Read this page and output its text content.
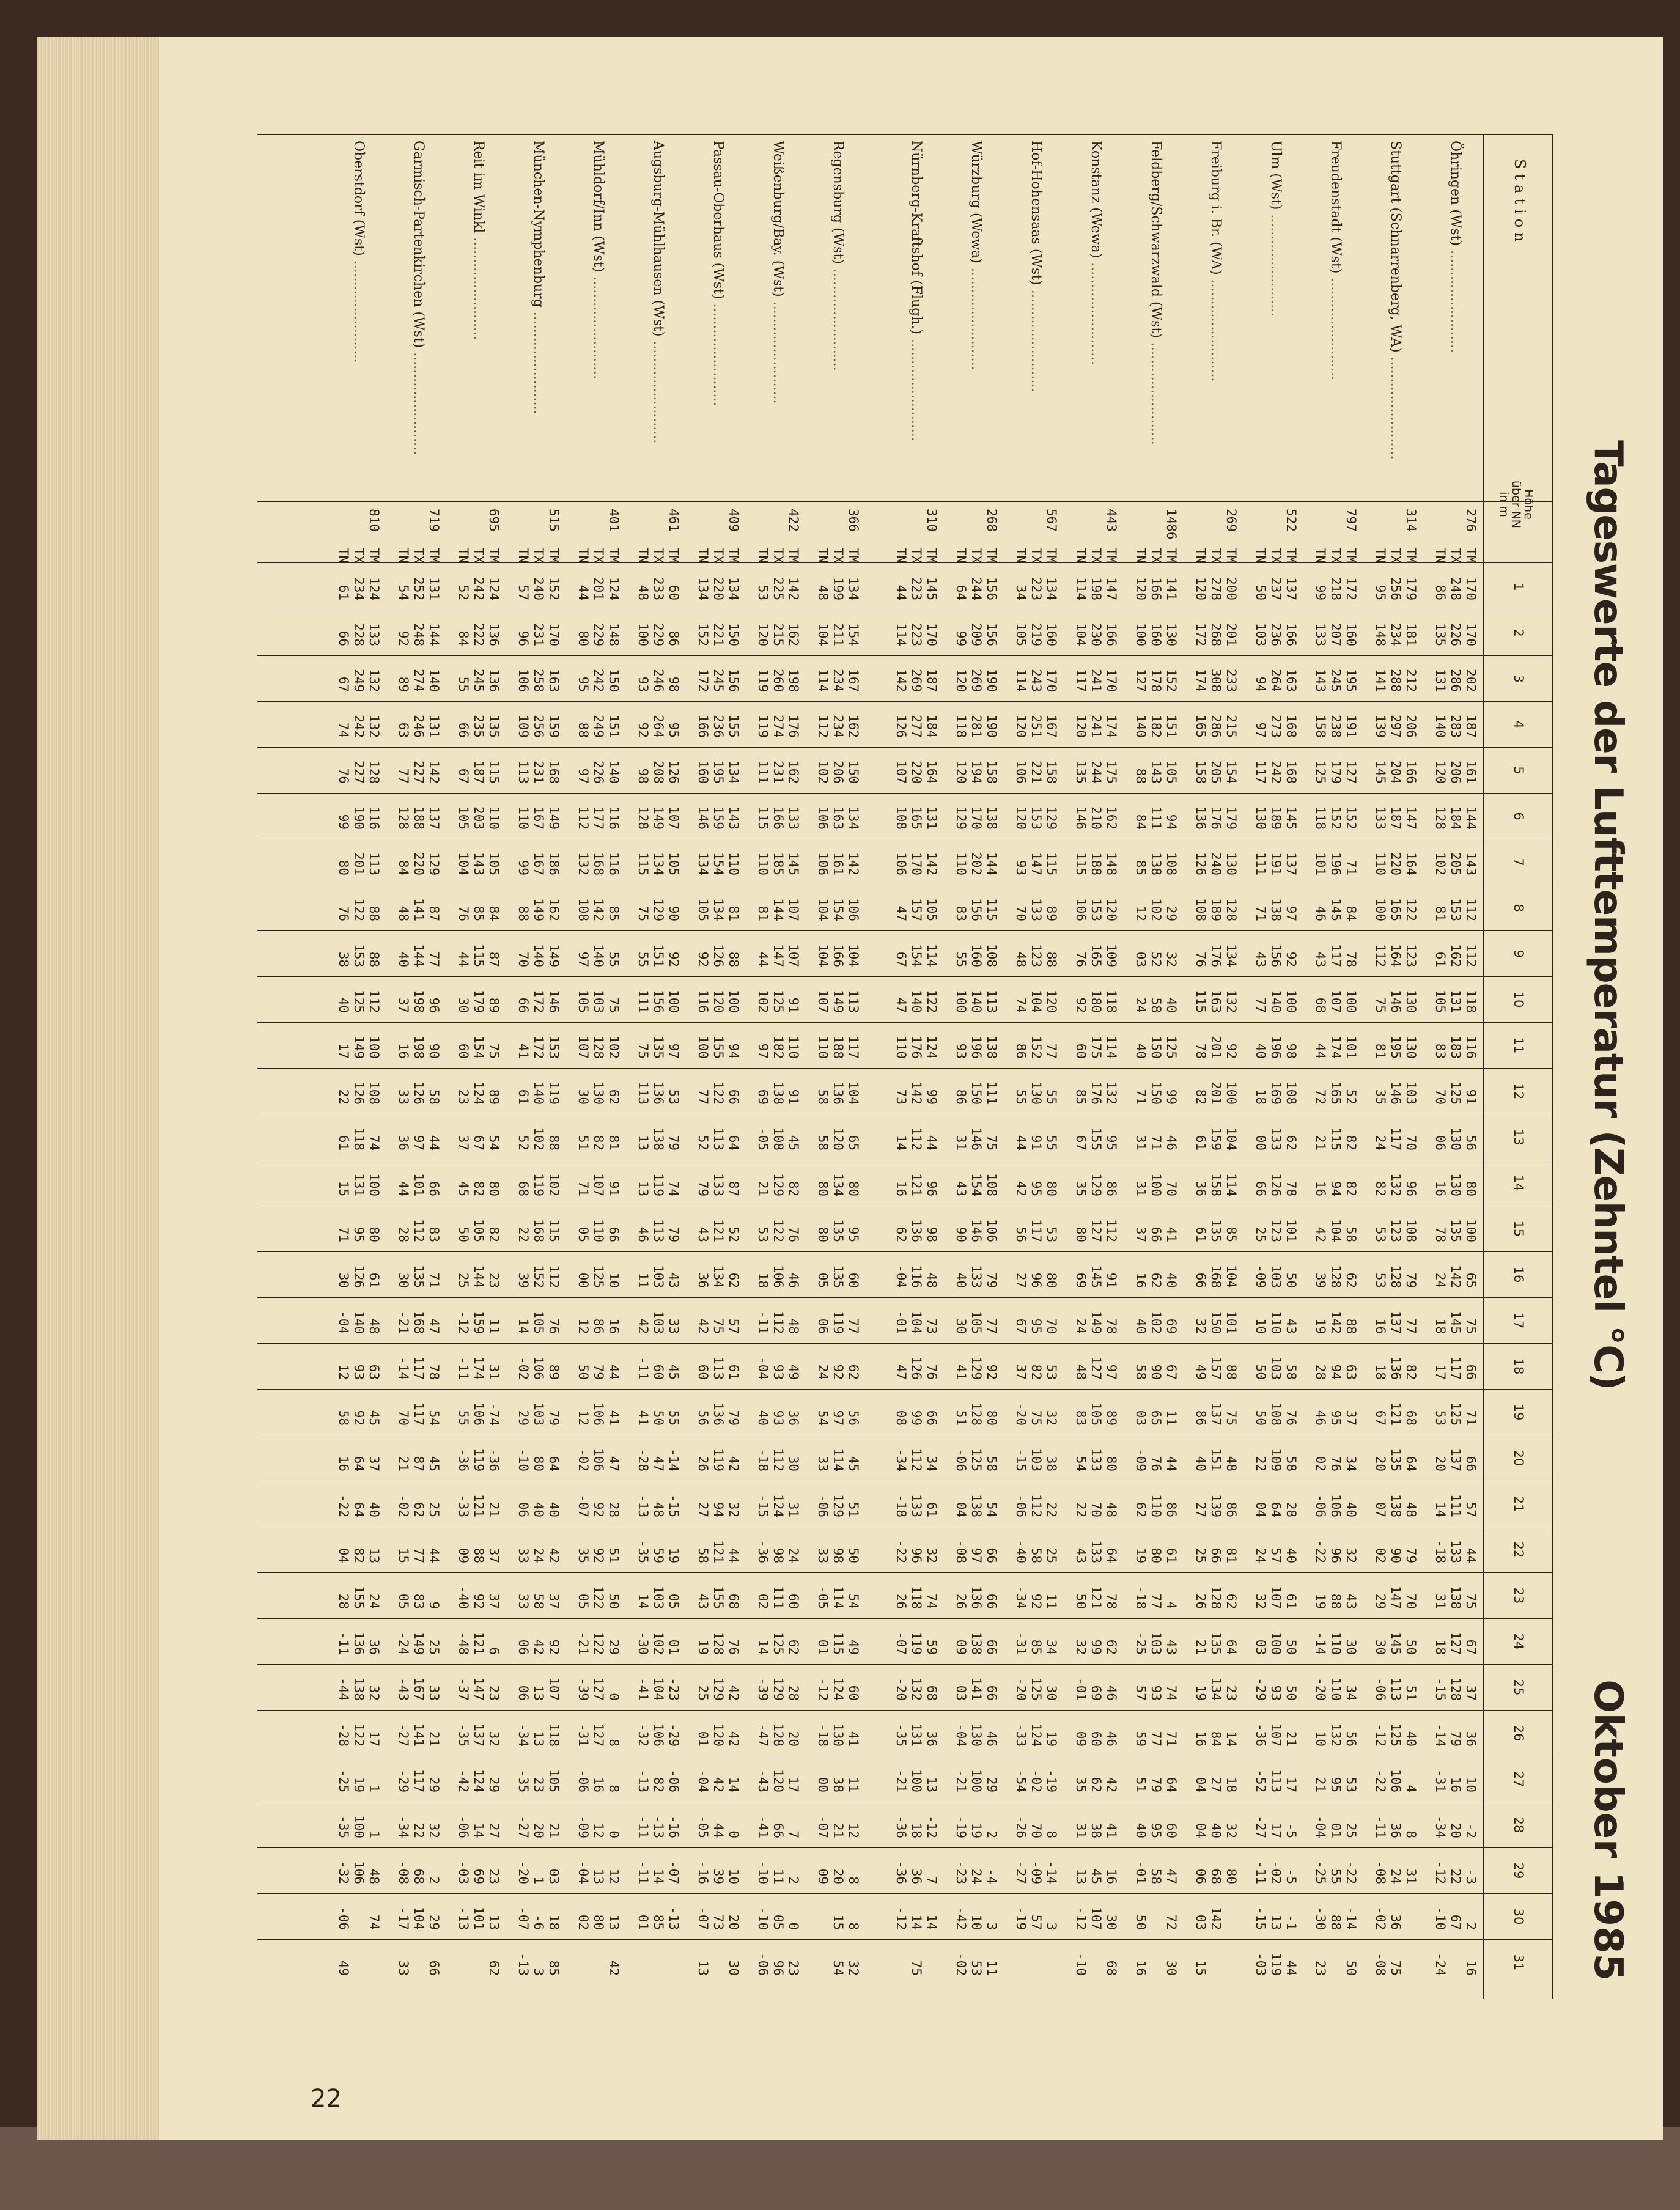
22
Tageswerte der Lufttemperatur (Zehntel °C)
Oktober 1985
Station
Höhe über NN in m
1
2
3
4
5
6
7
8
9
10
11
12
13
14
15
16
17
18
19
20
21
22
23
24
25
26
27
28
29
30
31
Öhringen (Wst) ........................
276
TM
170
170
202
187
161
144
143
112
112
118
116
91
56
80
100
65
75
66
71
66
57
44
75
67
37
36
10
-2
-3
2
16
TX
248
226
286
283
206
184
205
153
162
131
183
125
130
130
135
142
145
117
125
137
111
133
138
127
128
79
16
20
22
67
TN
86
135
131
140
120
128
102
81
61
105
83
70
06
16
78
24
18
17
53
20
14
-18
31
18
-15
-14
-31
-34
-12
-10
-24
Stuttgart (Schnarrenberg, WA) ........................
314
TM
179
181
212
206
166
147
164
122
123
130
130
103
70
96
108
79
77
82
68
64
48
79
70
50
51
40
4
8
31
TX
256
234
288
297
204
187
220
165
164
146
195
146
117
132
123
128
137
136
121
135
138
90
147
145
113
125
106
36
24
36
75
TN
95
148
141
139
145
133
110
100
112
75
81
35
24
82
53
53
16
18
67
20
07
02
29
30
-06
-12
-22
-11
-08
-02
-08
Freudenstadt (Wst) ........................
797
TM
172
160
195
191
127
152
71
84
78
100
101
52
82
82
58
62
88
63
37
34
40
32
43
30
34
56
53
25
-22
-14
50
TX
218
207
245
238
179
152
196
145
117
107
174
165
115
94
104
128
142
94
95
76
106
96
88
110
110
132
95
01
55
88
TN
99
133
143
158
125
118
101
46
43
68
44
72
21
16
42
39
19
28
46
02
-06
-22
19
-14
-20
10
21
-04
-25
-30
23
Ulm (Wst) ........................
522
TM
137
166
163
168
168
145
137
97
92
100
98
108
62
78
101
50
43
58
76
58
28
40
61
50
50
21
17
-5
-5
-1
44
TX
237
236
264
273
242
189
191
138
156
140
196
169
133
126
123
103
110
103
108
109
64
57
107
100
93
107
113
17
-02
13
119
TN
50
103
94
97
117
130
111
71
43
77
40
18
00
66
25
-09
10
50
50
22
04
24
32
03
-29
-36
-52
-27
-11
-15
-03
Freiburg i. Br. (WA) ........................
269
TM
200
201
233
215
154
179
130
128
134
132
92
100
104
114
85
104
101
88
75
48
86
81
62
64
23
14
18
32
80
TX
278
268
308
286
205
176
240
189
176
163
201
201
159
158
135
168
150
157
137
151
139
66
128
135
134
84
27
40
68
142
TN
120
172
174
165
158
136
126
108
76
115
78
82
61
36
61
66
32
49
86
40
27
25
26
21
19
16
04
04
06
03
15
Feldberg/Schwarzwald (Wst) ........................
1486
TM
141
130
152
151
105
94
108
29
32
40
125
99
46
70
41
40
69
67
11
44
86
61
4
43
74
71
64
60
47
72
30
TX
166
160
178
182
143
111
138
102
52
58
150
150
71
100
66
62
102
90
65
76
110
80
77
103
93
77
79
95
58
TN
120
100
127
140
88
84
85
12
03
24
40
71
31
31
37
16
40
58
03
-09
62
19
-18
-25
57
59
51
40
-01
50
16
Konstanz (Wewa) ........................
443
TM
147
166
170
174
175
162
148
120
109
118
114
132
95
86
112
91
78
97
89
80
48
64
78
62
46
46
42
41
16
30
68
TX
198
230
241
241
244
210
188
153
165
180
175
176
155
129
127
145
149
127
105
133
70
133
121
99
69
60
62
38
45
107
TN
114
104
117
120
135
146
115
106
76
92
60
85
67
35
80
69
24
48
83
54
22
43
50
32
-01
09
35
31
13
-12
-10
Hof-Hohensaas (Wst) ........................
567
TM
134
160
170
167
158
129
115
89
88
120
77
55
55
80
53
80
70
53
32
38
22
25
11
34
30
19
-19
8
-14
3
TX
223
219
243
251
221
153
147
133
123
104
152
130
91
95
117
96
95
82
75
103
112
58
92
85
125
124
-02
70
-09
57
TN
34
105
114
120
106
120
93
70
48
74
86
55
44
42
56
27
67
37
-20
-15
-06
-40
-34
-31
-20
-33
-54
-26
-27
-19
Würzburg (Wewa) ........................
268
TM
156
156
190
190
158
138
144
115
108
113
138
111
75
108
106
79
77
92
80
58
54
66
66
66
66
46
29
2
-4
3
11
TX
244
209
269
281
194
170
202
156
160
140
196
150
146
154
146
133
105
129
128
125
138
97
136
138
141
130
100
19
24
10
53
TN
64
99
120
118
120
129
110
83
55
100
93
86
31
43
90
40
30
41
51
-06
04
-08
26
09
03
-04
-21
-19
-23
-42
-02
Nürnberg-Kraftshof (Flugh.) ........................
310
TM
145
170
187
184
164
131
142
105
114
122
124
99
44
96
98
48
73
76
66
34
61
32
74
59
68
36
13
-12
7
14
TX
223
223
269
277
220
165
170
157
154
140
176
142
112
121
136
116
104
126
99
112
133
96
118
119
132
131
100
18
36
14
75
TN
44
114
142
126
107
108
106
47
67
47
110
73
14
16
62
-04
-01
47
08
-34
-18
-22
26
-07
-20
-35
-21
-36
-36
-12
Regensburg (Wst) ........................
366
TM
134
154
167
162
150
134
142
106
104
113
117
104
65
80
95
60
77
62
56
45
51
50
54
49
60
41
11
12
8
8
32
TX
199
211
234
234
206
163
161
154
166
149
188
136
120
134
135
135
119
92
97
114
129
98
114
115
124
130
38
21
20
15
54
TN
48
104
114
112
102
106
106
104
104
107
110
58
58
80
80
05
06
24
54
33
-06
33
-05
01
-12
-18
00
-07
09
Weißenburg/Bay. (Wst) ........................
422
TM
142
162
198
176
162
133
145
107
107
91
110
91
45
82
76
46
48
49
36
30
31
24
60
62
28
20
17
7
2
0
23
TX
225
215
260
274
231
166
185
144
147
125
182
138
108
129
122
106
112
93
93
112
124
98
111
125
129
128
120
66
11
05
96
TN
53
120
119
119
111
115
110
81
44
102
97
69
-05
21
53
18
-11
-04
40
-18
-15
-36
02
14
-39
-47
-43
-41
-10
-10
-06
Passau-Oberhaus (Wst) ........................
409
TM
134
150
156
155
134
143
110
81
88
100
94
66
64
87
52
62
57
61
79
42
32
44
68
76
42
42
14
0
10
20
30
TX
220
221
245
236
195
159
154
134
126
120
155
122
113
133
121
134
75
113
136
119
94
121
155
128
129
120
42
44
39
73
TN
134
152
172
166
160
146
134
105
92
116
100
77
52
79
43
36
42
60
56
26
27
58
43
19
25
01
-04
-05
-16
-07
13
Augsburg-Mühlhausen (Wst) ........................
461
TM
60
86
98
95
126
107
105
90
92
100
97
53
79
74
79
43
33
45
55
-14
-15
19
05
01
-23
-29
-06
-16
-07
-13
TX
233
229
246
264
208
149
134
129
151
156
135
136
138
119
113
103
103
60
50
47
48
59
103
102
104
106
82
-13
14
85
TN
48
100
93
92
98
128
115
75
55
111
75
113
13
13
46
11
42
-11
41
-28
-13
-35
14
-30
-41
-32
-13
-11
-11
01
Mühldorf/Inn (Wst) ........................
401
TM
124
148
150
151
140
116
116
85
55
75
102
62
81
91
66
10
16
44
41
47
28
51
50
29
0
8
8
0
12
13
42
TX
201
229
242
249
226
177
168
142
140
103
128
130
82
107
110
125
86
79
106
106
92
92
122
122
127
127
16
12
13
80
TN
44
80
95
88
97
112
132
108
97
105
107
30
51
71
05
00
12
50
12
-02
-07
35
05
-21
-39
-31
-06
-09
-04
02
München-Nymphenburg ........................
515
TM
152
170
163
159
168
149
186
162
149
146
153
119
88
102
115
112
76
89
79
64
40
42
37
92
107
118
105
21
03
18
85
TX
240
231
258
256
231
167
167
149
140
172
172
140
102
119
168
152
105
106
103
80
40
24
58
42
13
13
23
20
1
-6
3
TN
57
96
106
109
113
110
99
88
70
66
41
61
52
68
22
39
14
-02
29
-10
06
33
33
06
06
-34
-35
-27
-20
-07
-13
Reit im Winkl ........................
695
TM
124
136
136
135
115
110
105
84
87
89
75
89
54
80
82
23
11
31
-74
-36
21
37
37
6
23
32
29
27
23
13
62
TX
242
222
245
235
187
203
143
85
115
179
154
124
67
82
105
144
159
174
106
119
121
88
92
121
147
137
124
14
69
101
TN
52
84
55
66
67
105
104
76
44
30
60
23
37
45
50
25
-12
-11
55
-36
-33
09
-40
-48
-37
-35
-42
-06
-03
-13
Garmisch-Partenkirchen (Wst) ........................
719
TM
131
144
140
131
142
137
129
87
77
96
90
58
44
66
83
71
47
78
54
45
25
44
9
25
33
21
29
32
2
29
66
TX
252
248
274
246
227
188
220
141
144
198
198
126
97
101
112
135
168
117
117
87
62
77
83
149
167
141
117
22
68
104
TN
54
92
89
63
77
128
84
48
40
37
16
33
36
44
28
30
-21
-14
70
21
-02
15
05
-24
-43
-27
-29
-34
-08
-17
33
Oberstdorf (Wst) ........................
810
TM
124
133
132
132
128
116
113
88
88
112
100
108
74
100
80
61
48
63
45
37
40
13
24
36
32
17
1
1
48
74
TX
234
228
249
242
227
190
201
122
153
125
149
126
118
131
95
126
140
93
92
64
64
82
155
136
138
122
19
100
106
TN
61
66
67
74
76
99
80
76
38
40
17
22
61
15
71
30
-04
12
58
16
-22
04
28
-11
-44
-28
-25
-35
-32
-06
49
